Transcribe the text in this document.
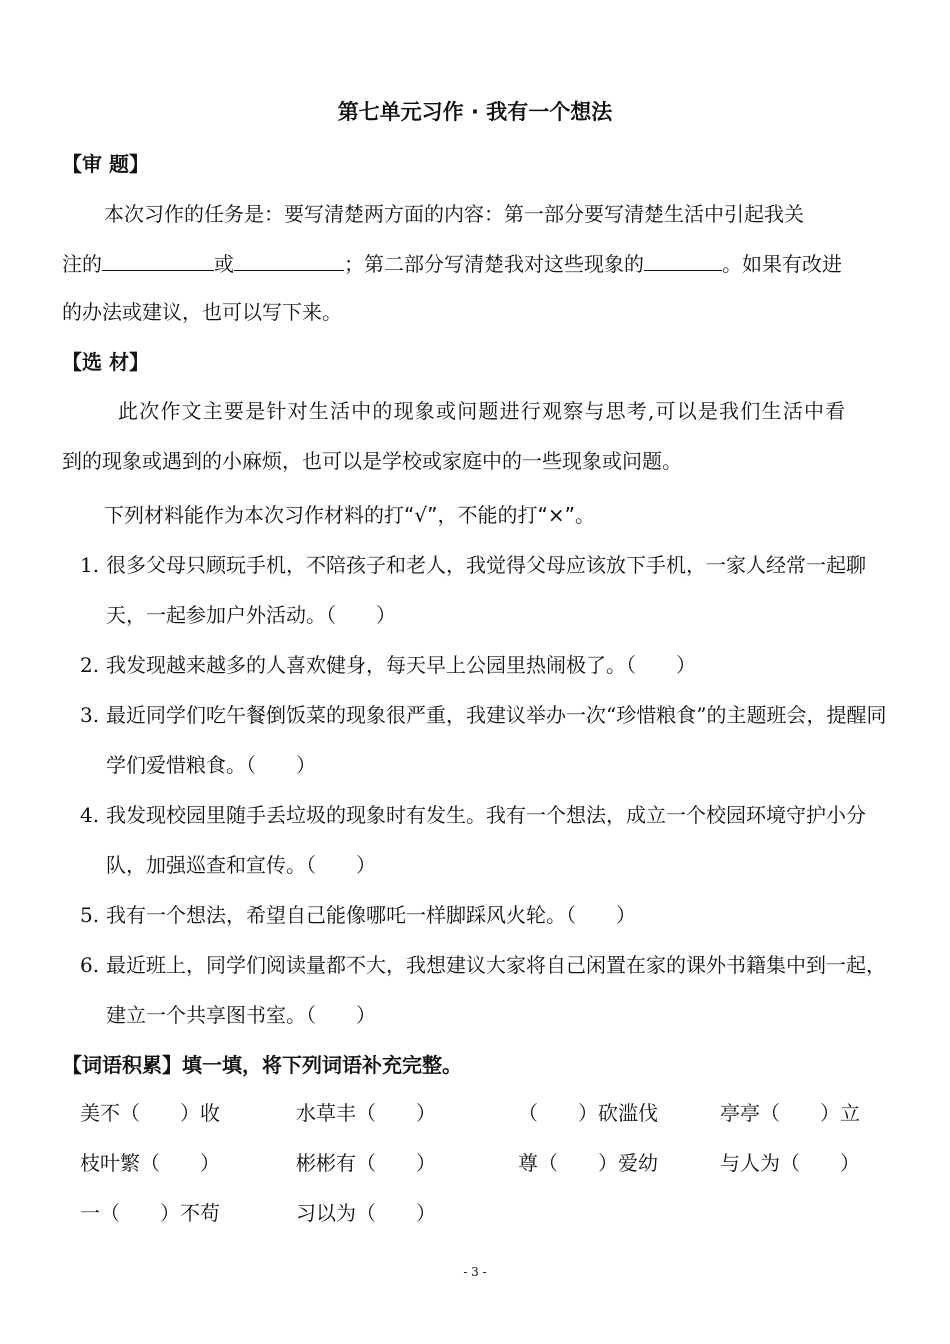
第七单元习作 · 我有一个想法
【审 题】
本次习作的任务是：要写清楚两方面的内容：第一部分要写清楚生活中引起我关
注的	或	；第二部分写清楚我对这些现象的	。如果有改进
的办法或建议，也可以写下来。
【选 材】
此次作文主要是针对生活中的现象或问题进行观察与思考,可以是我们生活中看
到的现象或遇到的小麻烦，也可以是学校或家庭中的一些现象或问题。
下列材料能作为本次习作材料的打“√”，不能的打“×”。
1. 很多父母只顾玩手机，不陪孩子和老人，我觉得父母应该放下手机，一家人经常一起聊天，一起参加户外活动。（　　）
2. 我发现越来越多的人喜欢健身，每天早上公园里热闹极了。（　　）
3. 最近同学们吃午餐倒饭菜的现象很严重，我建议举办一次“珍惜粮食”的主题班会，提醒同学们爱惜粮食。（　　）
4. 我发现校园里随手丢垃圾的现象时有发生。我有一个想法，成立一个校园环境守护小分队，加强巡查和宣传。（　　）
5. 我有一个想法，希望自己能像哪吒一样脚踩风火轮。（　　）
6. 最近班上，同学们阅读量都不大，我想建议大家将自己闲置在家的课外书籍集中到一起，建立一个共享图书室。（　　）
【词语积累】填一填，将下列词语补充完整。
美不（　　）收	水草丰（　　）	（　　）砍滥伐	亭亭（　　）立
枝叶繁（　　）	彬彬有（　　）	尊（　　）爱幼	与人为（　　）
一（　　）不苟	习以为（　　）
- 3 -
